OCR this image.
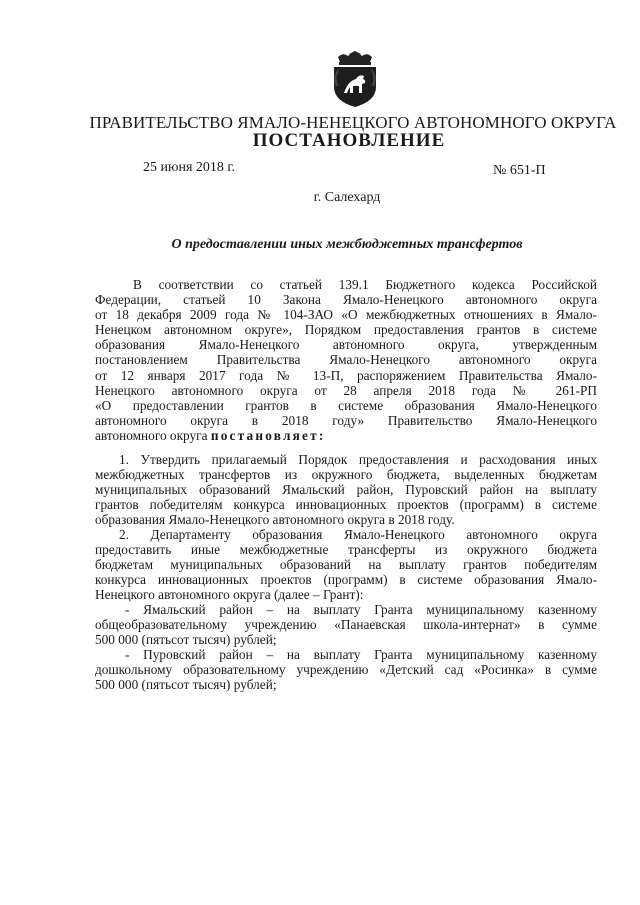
ПРАВИТЕЛЬСТВО ЯМАЛО-НЕНЕЦКОГО АВТОНОМНОГО ОКРУГА
ПОСТАНОВЛЕНИЕ
25 июня 2018 г.	№ 651-П
г. Салехард
О предоставлении иных межбюджетных трансфертов
В соответствии со статьей 139.1 Бюджетного кодекса Российской
Федерации, статьей 10 Закона Ямало-Ненецкого автономного округа
от 18 декабря 2009 года № 104-ЗАО «О межбюджетных отношениях в Ямало-
Ненецком автономном округе», Порядком предоставления грантов в системе
образования Ямало-Ненецкого автономного округа, утвержденным
постановлением Правительства Ямало-Ненецкого автономного округа
от 12 января 2017 года № 13-П, распоряжением Правительства Ямало-
Ненецкого автономного округа от 28 апреля 2018 года № 261-РП
«О предоставлении грантов в системе образования Ямало-Ненецкого
автономного округа в 2018 году» Правительство Ямало-Ненецкого
автономного округа постановляет:
1. Утвердить прилагаемый Порядок предоставления и расходования иных
межбюджетных трансфертов из окружного бюджета, выделенных бюджетам
муниципальных образований Ямальский район, Пуровский район на выплату
грантов победителям конкурса инновационных проектов (программ) в системе
образования Ямало-Ненецкого автономного округа в 2018 году.
2. Департаменту образования Ямало-Ненецкого автономного округа
предоставить иные межбюджетные трансферты из окружного бюджета
бюджетам муниципальных образований на выплату грантов победителям
конкурса инновационных проектов (программ) в системе образования Ямало-
Ненецкого автономного округа (далее – Грант):
- Ямальский район – на выплату Гранта муниципальному казенному
общеобразовательному учреждению «Панаевская школа-интернат» в сумме
500 000 (пятьсот тысяч) рублей;
- Пуровский район – на выплату Гранта муниципальному казенному
дошкольному образовательному учреждению «Детский сад «Росинка» в сумме
500 000 (пятьсот тысяч) рублей;
